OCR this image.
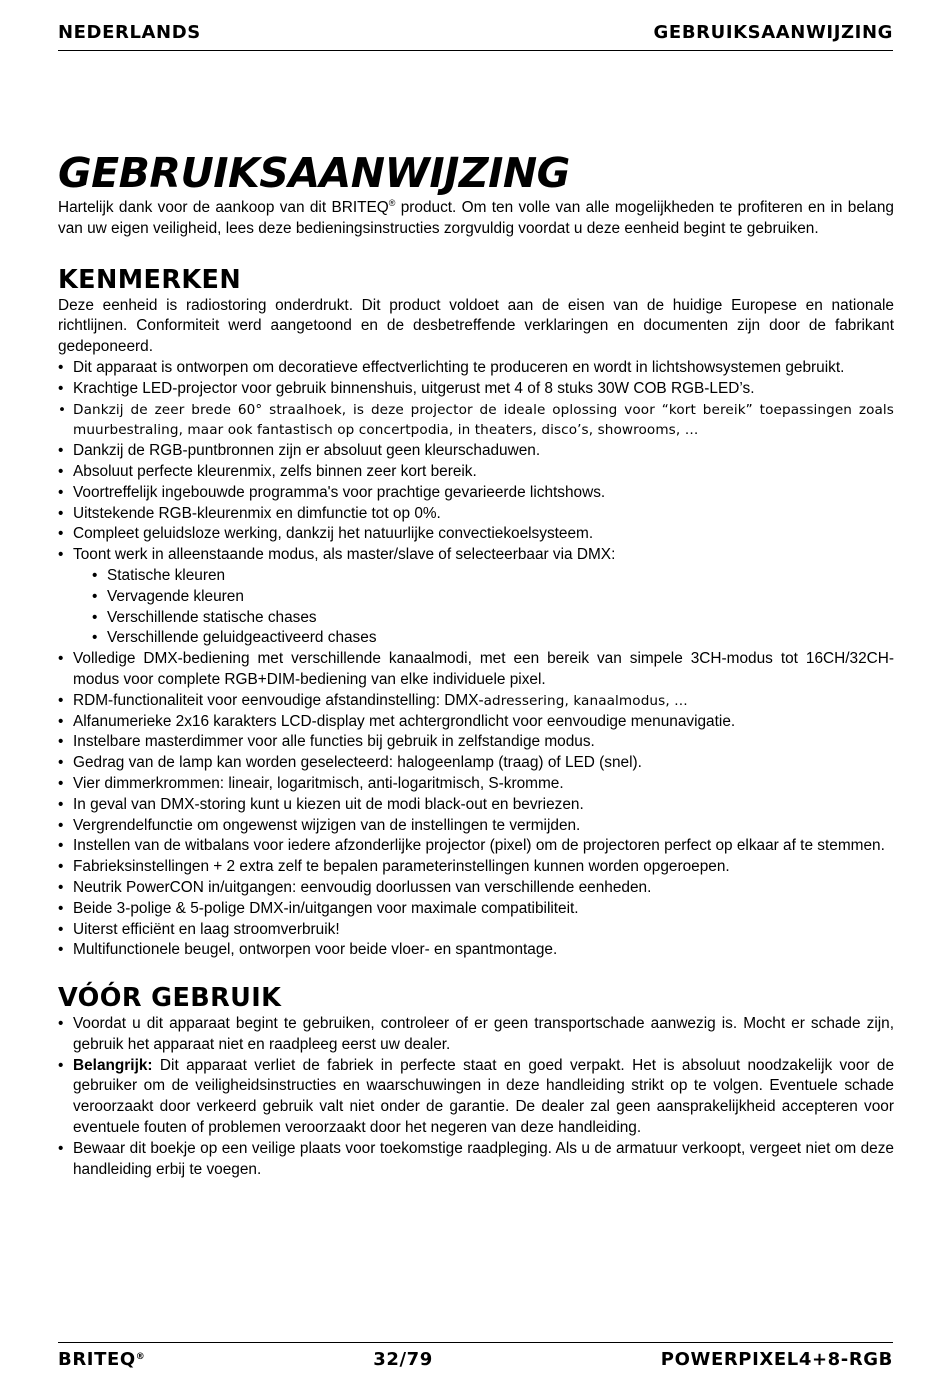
NEDERLANDS	GEBRUIKSAANWIJZING
GEBRUIKSAANWIJZING

Hartelijk dank voor de aankoop van dit BRITEQ® product. Om ten volle van alle mogelijkheden te profiteren en in belang van uw eigen veiligheid, lees deze bedieningsinstructies zorgvuldig voordat u deze eenheid begint te gebruiken.

KENMERKEN

Deze eenheid is radiostoring onderdrukt. Dit product voldoet aan de eisen van de huidige Europese en nationale richtlijnen. Conformiteit werd aangetoond en de desbetreffende verklaringen en documenten zijn door de fabrikant gedeponeerd.

• Dit apparaat is ontworpen om decoratieve effectverlichting te produceren en wordt in lichtshowsystemen gebruikt.
• Krachtige LED-projector voor gebruik binnenshuis, uitgerust met 4 of 8 stuks 30W COB RGB-LED’s.
• Dankzij de zeer brede 60° straalhoek, is deze projector de ideale oplossing voor “kort bereik” toepassingen zoals muurbestraling, maar ook fantastisch op concertpodia, in theaters, disco’s, showrooms, …
• Dankzij de RGB-puntbronnen zijn er absoluut geen kleurschaduwen.
• Absoluut perfecte kleurenmix, zelfs binnen zeer kort bereik.
• Voortreffelijk ingebouwde programma's voor prachtige gevarieerde lichtshows.
• Uitstekende RGB-kleurenmix en dimfunctie tot op 0%.
• Compleet geluidsloze werking, dankzij het natuurlijke convectiekoelsysteem.
• Toont werk in alleenstaande modus, als master/slave of selecteerbaar via DMX:
• Statische kleuren
• Vervagende kleuren
• Verschillende statische chases
• Verschillende geluidgeactiveerd chases
• Volledige DMX-bediening met verschillende kanaalmodi, met een bereik van simpele 3CH-modus tot 16CH/32CH-modus voor complete RGB+DIM-bediening van elke individuele pixel.
• RDM-functionaliteit voor eenvoudige afstandinstelling: DMX-adressering, kanaalmodus, …
• Alfanumerieke 2x16 karakters LCD-display met achtergrondlicht voor eenvoudige menunavigatie.
• Instelbare masterdimmer voor alle functies bij gebruik in zelfstandige modus.
• Gedrag van de lamp kan worden geselecteerd: halogeenlamp (traag) of LED (snel).
• Vier dimmerkrommen: lineair, logaritmisch, anti-logaritmisch, S-kromme.
• In geval van DMX-storing kunt u kiezen uit de modi black-out en bevriezen.
• Vergrendelfunctie om ongewenst wijzigen van de instellingen te vermijden.
• Instellen van de witbalans voor iedere afzonderlijke projector (pixel) om de projectoren perfect op elkaar af te stemmen.
• Fabrieksinstellingen + 2 extra zelf te bepalen parameterinstellingen kunnen worden opgeroepen.
• Neutrik PowerCON in/uitgangen: eenvoudig doorlussen van verschillende eenheden.
• Beide 3-polige & 5-polige DMX-in/uitgangen voor maximale compatibiliteit.
• Uiterst efficiënt en laag stroomverbruik!
• Multifunctionele beugel, ontworpen voor beide vloer- en spantmontage.
VÓÓR GEBRUIK
• Voordat u dit apparaat begint te gebruiken, controleer of er geen transportschade aanwezig is. Mocht er schade zijn, gebruik het apparaat niet en raadpleeg eerst uw dealer.
• Belangrijk: Dit apparaat verliet de fabriek in perfecte staat en goed verpakt. Het is absoluut noodzakelijk voor de gebruiker om de veiligheidsinstructies en waarschuwingen in deze handleiding strikt op te volgen. Eventuele schade veroorzaakt door verkeerd gebruik valt niet onder de garantie. De dealer zal geen aansprakelijkheid accepteren voor eventuele fouten of problemen veroorzaakt door het negeren van deze handleiding.
• Bewaar dit boekje op een veilige plaats voor toekomstige raadpleging. Als u de armatuur verkoopt, vergeet niet om deze handleiding erbij te voegen.
BRITEQ®	32/79	POWERPIXEL4+8-RGB
